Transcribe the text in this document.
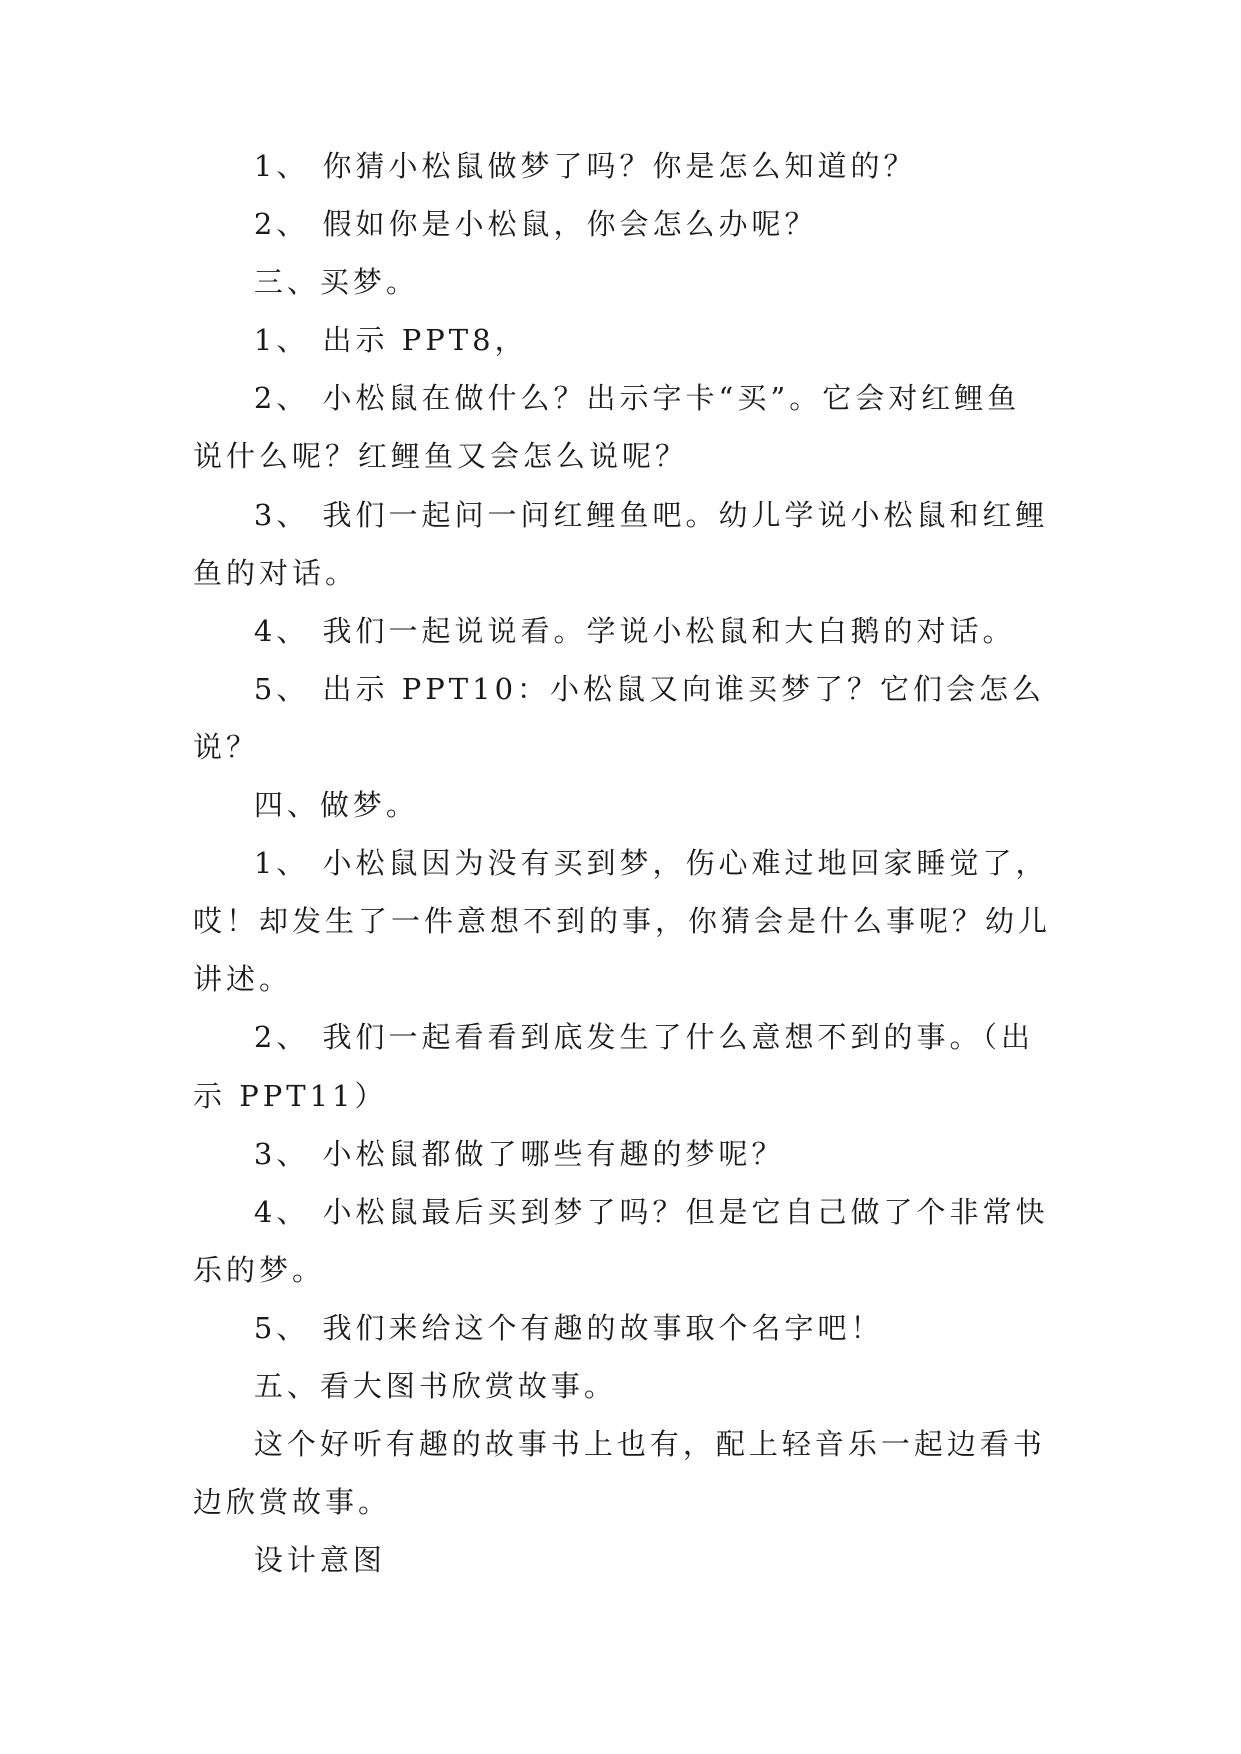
1、 你猜小松鼠做梦了吗？你是怎么知道的？

2、 假如你是小松鼠，你会怎么办呢？

三、买梦。

1、 出示 PPT8，

2、 小松鼠在做什么？出示字卡“买”。它会对红鲤鱼说什么呢？红鲤鱼又会怎么说呢？

3、 我们一起问一问红鲤鱼吧。幼儿学说小松鼠和红鲤鱼的对话。

4、 我们一起说说看。学说小松鼠和大白鹅的对话。

5、 出示 PPT10：小松鼠又向谁买梦了？它们会怎么说？

四、做梦。

1、 小松鼠因为没有买到梦，伤心难过地回家睡觉了，哎！却发生了一件意想不到的事，你猜会是什么事呢？幼儿讲述。

2、 我们一起看看到底发生了什么意想不到的事。（出示 PPT11）

3、 小松鼠都做了哪些有趣的梦呢？

4、 小松鼠最后买到梦了吗？但是它自己做了个非常快乐的梦。

5、 我们来给这个有趣的故事取个名字吧！

五、看大图书欣赏故事。

这个好听有趣的故事书上也有，配上轻音乐一起边看书边欣赏故事。

设计意图
